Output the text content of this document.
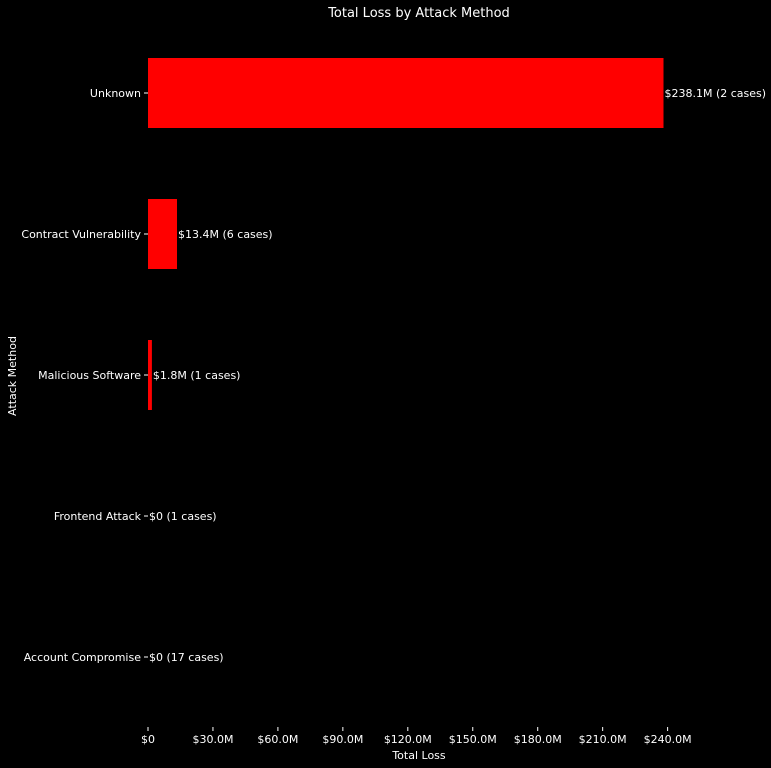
Total Loss by Attack Method
Total Loss
Attack Method
Unknown	$238.1M (2 cases)
Contract Vulnerability	$13.4M (6 cases)
Malicious Software $1.8M (1 cases)
Frontend Attack $0 (1 cases)
Account Compromise $0 (17 cases)
$0	$30.0M $60.0M $90.0M $120.0M $150.0M $180.0M $210.0M $240.0M
